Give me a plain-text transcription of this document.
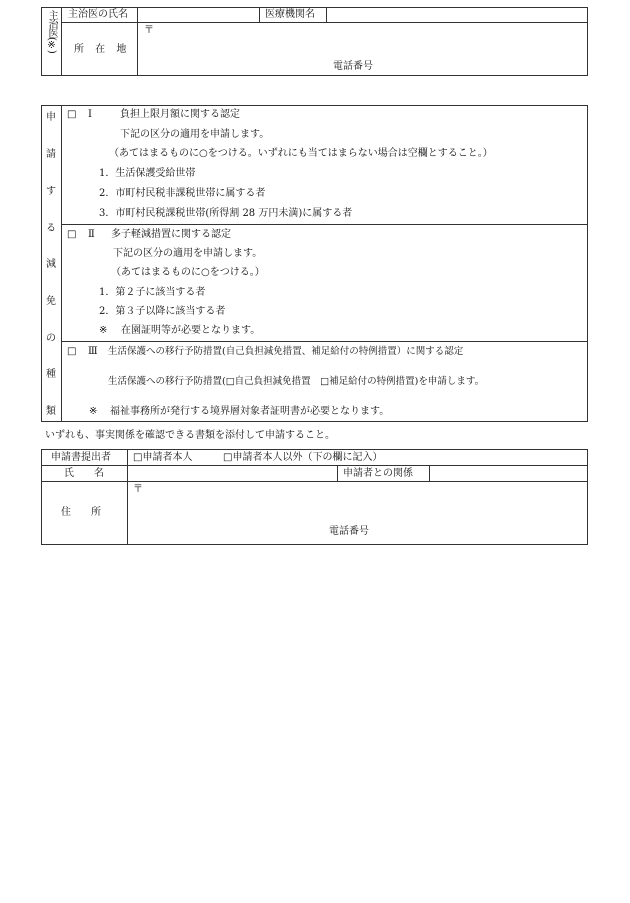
主治医(※) 主治医の氏名	医療機関名
所 在 地
〒
電話番号
申
請
す
る
減
免
の
種
類
□ Ⅰ	負担上限月額に関する認定
下記の区分の適用を申請します。
（あてはまるものに○をつける。いずれにも当てはまらない場合は空欄とすること。）
1．生活保護受給世帯
2．市町村民税非課税世帯に属する者
3．市町村民税課税世帯(所得割 28 万円未満)に属する者
□ Ⅱ 多子軽減措置に関する認定
下記の区分の適用を申請します。
（あてはまるものに○をつける。）
1．第２子に該当する者
2．第３子以降に該当する者
※ 在園証明等が必要となります。
□ Ⅲ 生活保護への移行予防措置(自己負担減免措置、補足給付の特例措置）に関する認定
生活保護への移行予防措置(□自己負担減免措置　□補足給付の特例措置)を申請します。
※ 福祉事務所が発行する境界層対象者証明書が必要となります。
いずれも、事実関係を確認できる書類を添付して申請すること。
申請書提出者 □申請者本人	□申請者本人以外（下の欄に記入）
氏　　名	申請者との関係
住　　所
〒
電話番号
